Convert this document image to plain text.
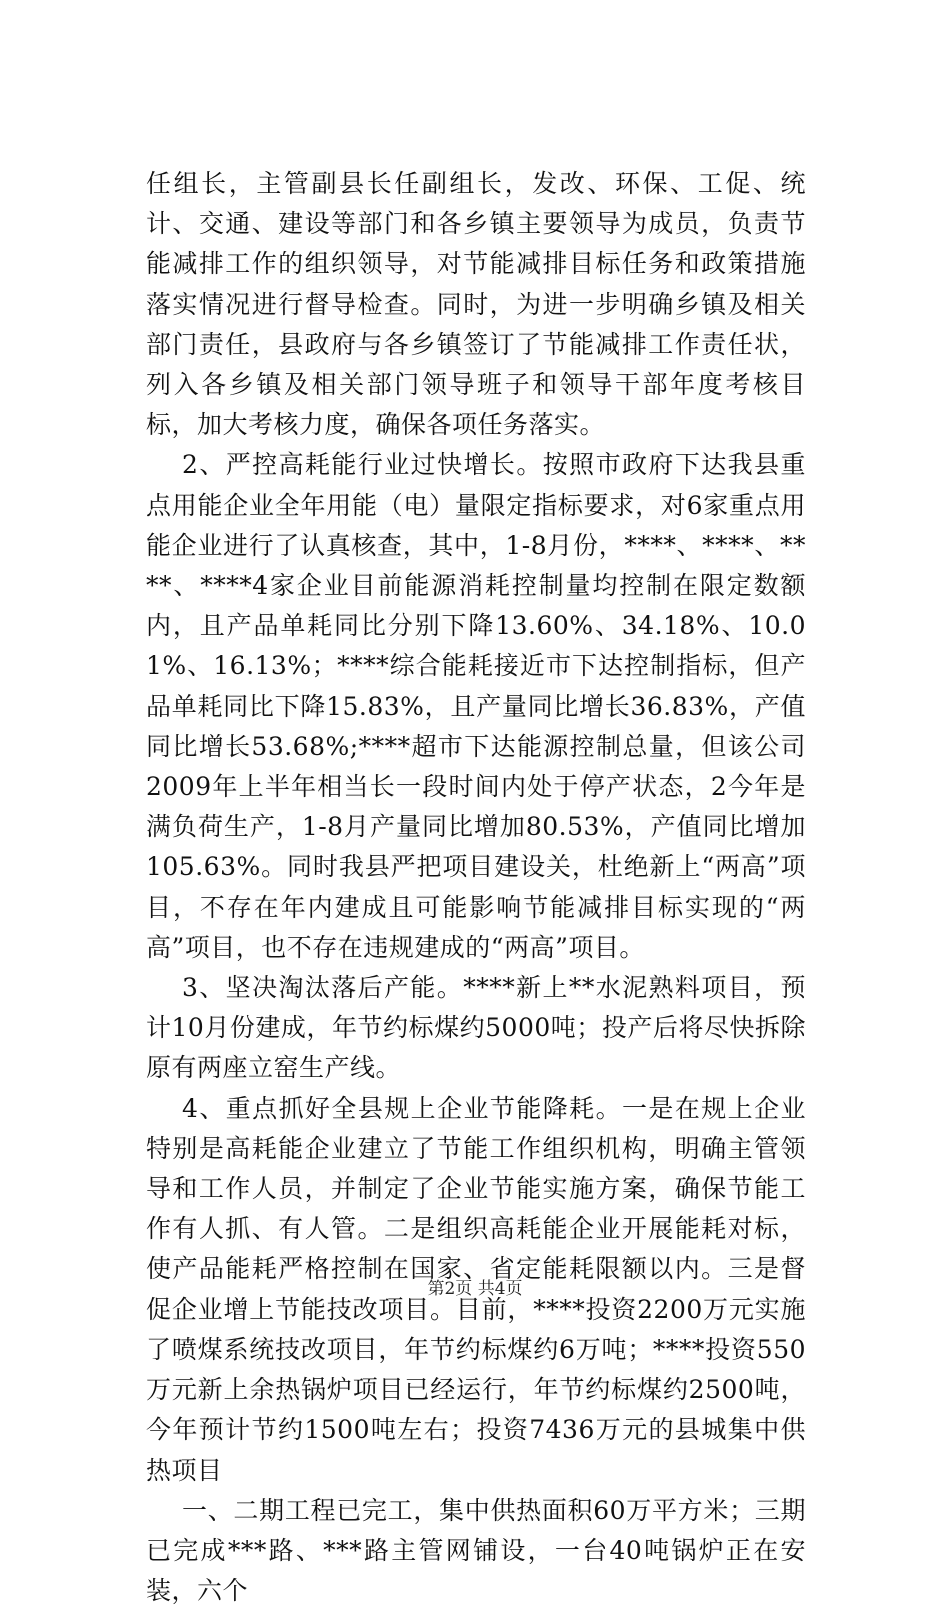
任组长，主管副县长任副组长，发改、环保、工促、统计、交通、建设等部门和各乡镇主要领导为成员，负责节能减排工作的组织领导，对节能减排目标任务和政策措施落实情况进行督导检查。同时，为进一步明确乡镇及相关部门责任，县政府与各乡镇签订了节能减排工作责任状，列入各乡镇及相关部门领导班子和领导干部年度考核目标，加大考核力度，确保各项任务落实。

2、严控高耗能行业过快增长。按照市政府下达我县重点用能企业全年用能（电）量限定指标要求，对6家重点用能企业进行了认真核查，其中，1-8月份，****、****、****、****4家企业目前能源消耗控制量均控制在限定数额内，且产品单耗同比分别下降13.60%、34.18%、10.01%、16.13%；****综合能耗接近市下达控制指标，但产品单耗同比下降15.83%，且产量同比增长36.83%，产值同比增长53.68%;****超市下达能源控制总量，但该公司2009年上半年相当长一段时间内处于停产状态，2今年是满负荷生产，1-8月产量同比增加80.53%，产值同比增加105.63%。同时我县严把项目建设关，杜绝新上“两高”项目，不存在年内建成且可能影响节能减排目标实现的“两高”项目，也不存在违规建成的“两高”项目。

3、坚决淘汰落后产能。****新上**水泥熟料项目，预计10月份建成，年节约标煤约5000吨；投产后将尽快拆除原有两座立窑生产线。

4、重点抓好全县规上企业节能降耗。一是在规上企业特别是高耗能企业建立了节能工作组织机构，明确主管领导和工作人员，并制定了企业节能实施方案，确保节能工作有人抓、有人管。二是组织高耗能企业开展能耗对标，使产品能耗严格控制在国家、省定能耗限额以内。三是督促企业增上节能技改项目。目前，****投资2200万元实施了喷煤系统技改项目，年节约标煤约6万吨；****投资550万元新上余热锅炉项目已经运行，年节约标煤约2500吨，今年预计节约1500吨左右；投资7436万元的县城集中供热项目

一、二期工程已完工，集中供热面积60万平方米；三期已完成***路、***路主管网铺设，一台40吨锅炉正在安装，六个

第2页 共4页
